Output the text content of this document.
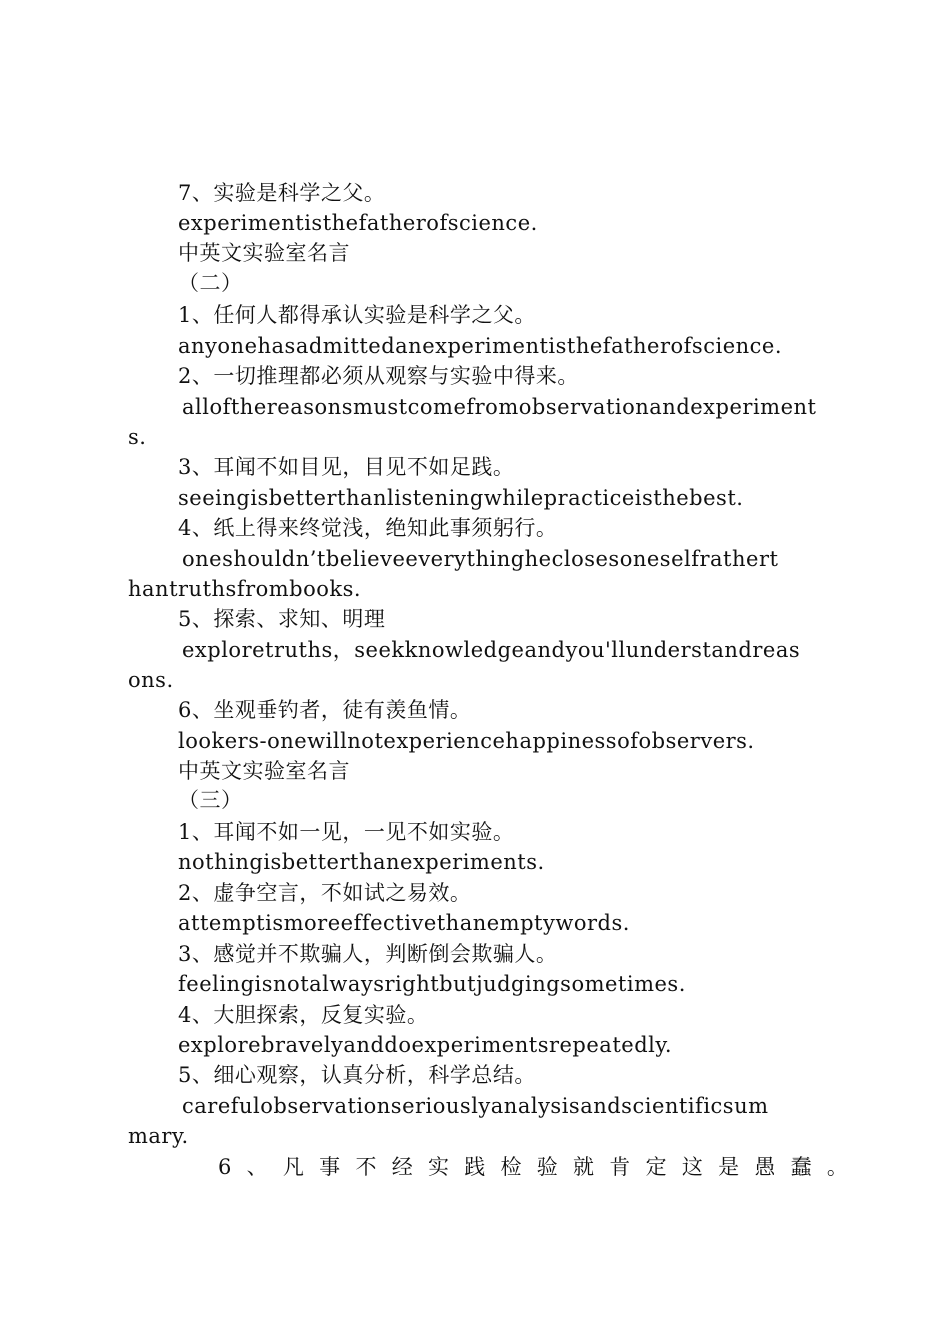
7、实验是科学之父。
experimentisthefatherofscience.
中英文实验室名言
（二）
1、任何人都得承认实验是科学之父。
anyonehasadmittedanexperimentisthefatherofscience.
2、一切推理都必须从观察与实验中得来。
allofthereasonsmustcomefromobservationandexperiment
s.
3、耳闻不如目见，目见不如足践。
seeingisbetterthanlisteningwhilepracticeisthebest.
4、纸上得来终觉浅，绝知此事须躬行。
oneshouldn’tbelieveeverythingheclosesoneselfrathert
hantruthsfrombooks.
5、探索、求知、明理
exploretruths，seekknowledgeandyou'llunderstandreas
ons.
6、坐观垂钓者，徒有羡鱼情。
lookers-onewillnotexperiencehappinessofobservers.
中英文实验室名言
（三）
1、耳闻不如一见，一见不如实验。
nothingisbetterthanexperiments.
2、虚争空言，不如试之易效。
attemptismoreeffectivethanemptywords.
3、感觉并不欺骗人，判断倒会欺骗人。
feelingisnotalwaysrightbutjudgingsometimes.
4、大胆探索，反复实验。
explorebravelyanddoexperimentsrepeatedly.
5、细心观察，认真分析，科学总结。
carefulobservationseriouslyanalysisandscientificsum
mary.
6 、 凡 事 不 经 实 践 检 验 就 肯 定 这 是 愚 蠢 。
